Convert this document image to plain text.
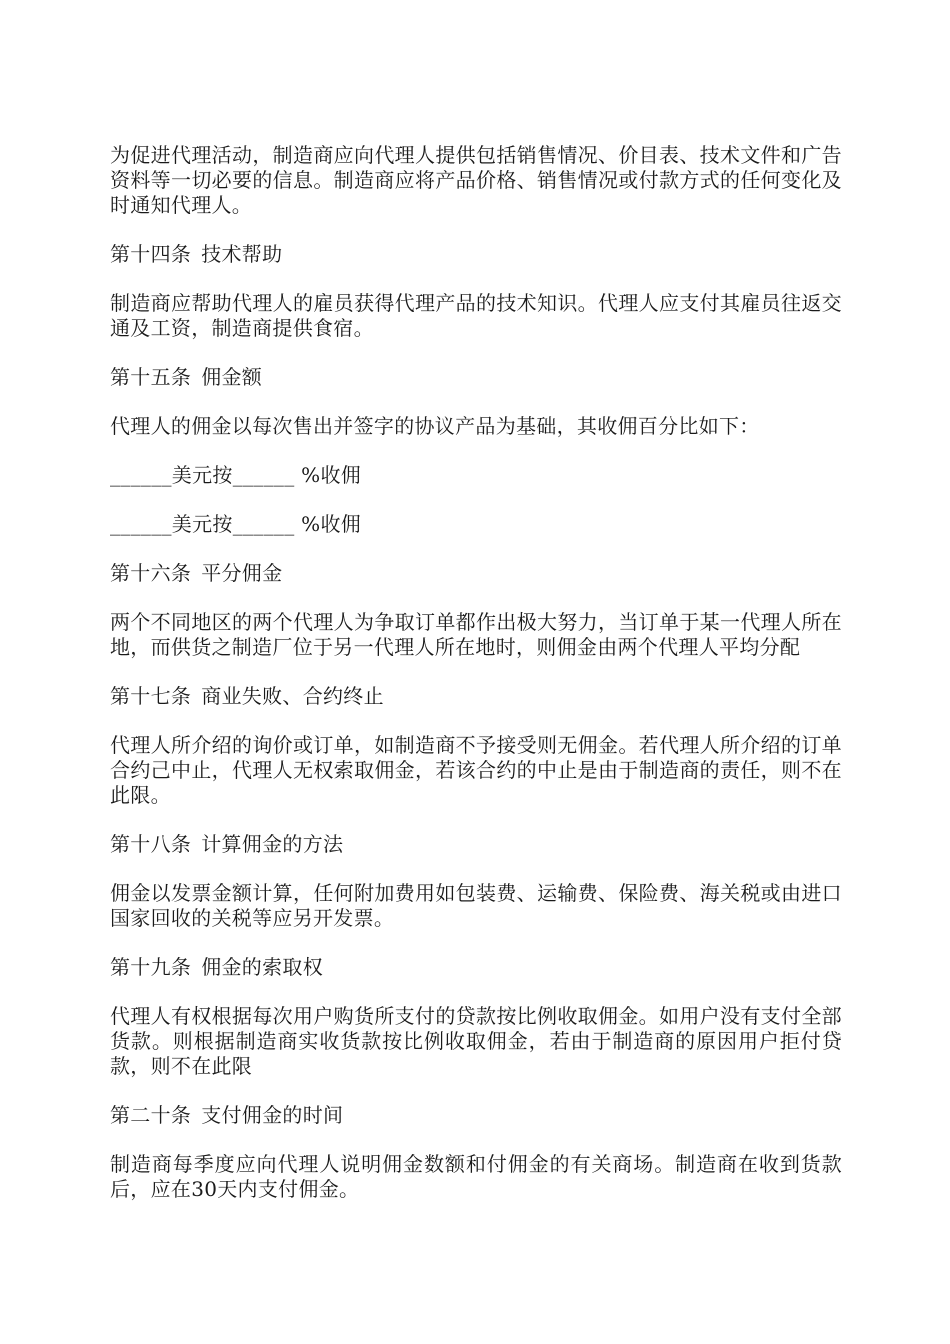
为促进代理活动，制造商应向代理人提供包括销售情况、价目表、技术文件和广告资料等一切必要的信息。制造商应将产品价格、销售情况或付款方式的任何变化及时通知代理人。

第十四条 技术帮助

制造商应帮助代理人的雇员获得代理产品的技术知识。代理人应支付其雇员往返交通及工资，制造商提供食宿。

第十五条 佣金额

代理人的佣金以每次售出并签字的协议产品为基础，其收佣百分比如下：

______美元按______ %收佣
______美元按______ %收佣
第十六条 平分佣金

两个不同地区的两个代理人为争取订单都作出极大努力，当订单于某一代理人所在地，而供货之制造厂位于另一代理人所在地时，则佣金由两个代理人平均分配

第十七条 商业失败、合约终止

代理人所介绍的询价或订单，如制造商不予接受则无佣金。若代理人所介绍的订单合约己中止，代理人无权索取佣金，若该合约的中止是由于制造商的责任，则不在此限。

第十八条 计算佣金的方法

佣金以发票金额计算，任何附加费用如包装费、运输费、保险费、海关税或由进口国家回收的关税等应另开发票。

第十九条 佣金的索取权

代理人有权根据每次用户购货所支付的贷款按比例收取佣金。如用户没有支付全部货款。则根据制造商实收货款按比例收取佣金，若由于制造商的原因用户拒付贷款，则不在此限

第二十条 支付佣金的时间

制造商每季度应向代理人说明佣金数额和付佣金的有关商场。制造商在收到货款后，应在30天内支付佣金。
